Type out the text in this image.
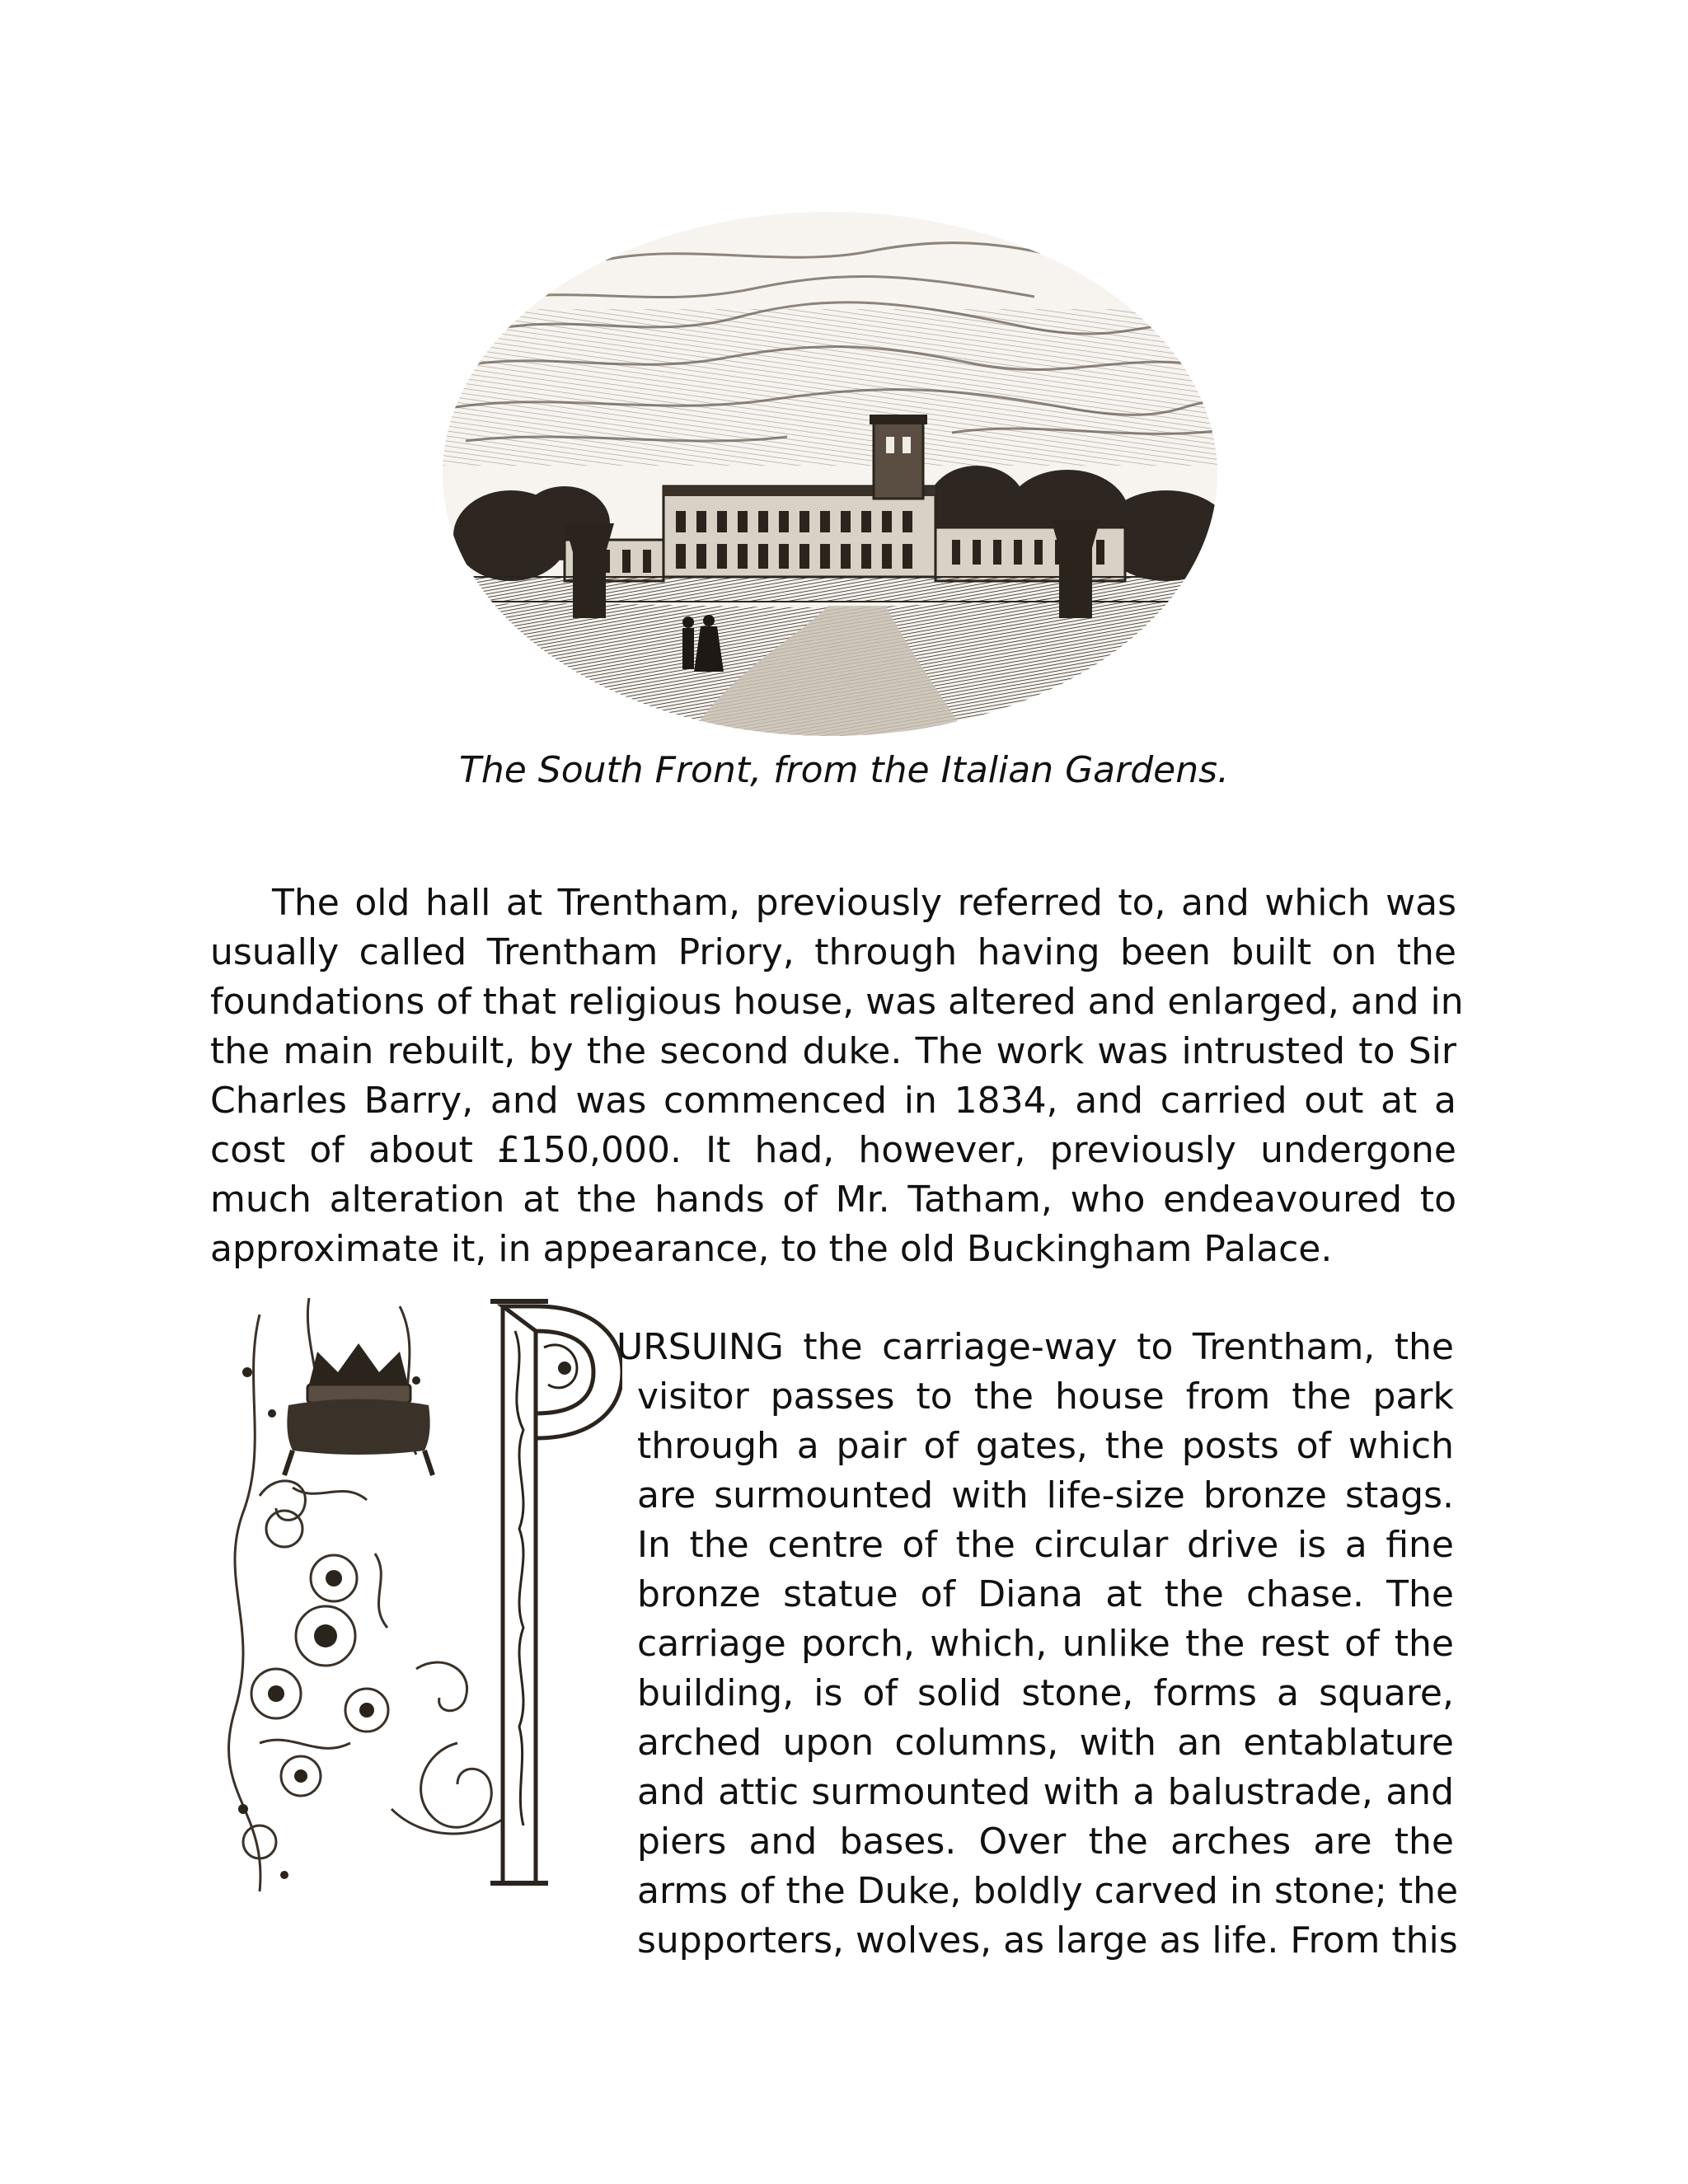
The South Front, from the Italian Gardens.
The old hall at Trentham, previously referred to, and which was
usually called Trentham Priory, through having been built on the
foundations of that religious house, was altered and enlarged, and in
the main rebuilt, by the second duke. The work was intrusted to Sir
Charles Barry, and was commenced in 1834, and carried out at a
cost of about £150,000. It had, however, previously undergone
much alteration at the hands of Mr. Tatham, who endeavoured to
approximate it, in appearance, to the old Buckingham Palace.
URSUING the carriage-way to Trentham, the
visitor passes to the house from the park
through a pair of gates, the posts of which
are surmounted with life-size bronze stags.
In the centre of the circular drive is a fine
bronze statue of Diana at the chase. The
carriage porch, which, unlike the rest of the
building, is of solid stone, forms a square,
arched upon columns, with an entablature
and attic surmounted with a balustrade, and
piers and bases. Over the arches are the
arms of the Duke, boldly carved in stone; the
supporters, wolves, as large as life. From this
